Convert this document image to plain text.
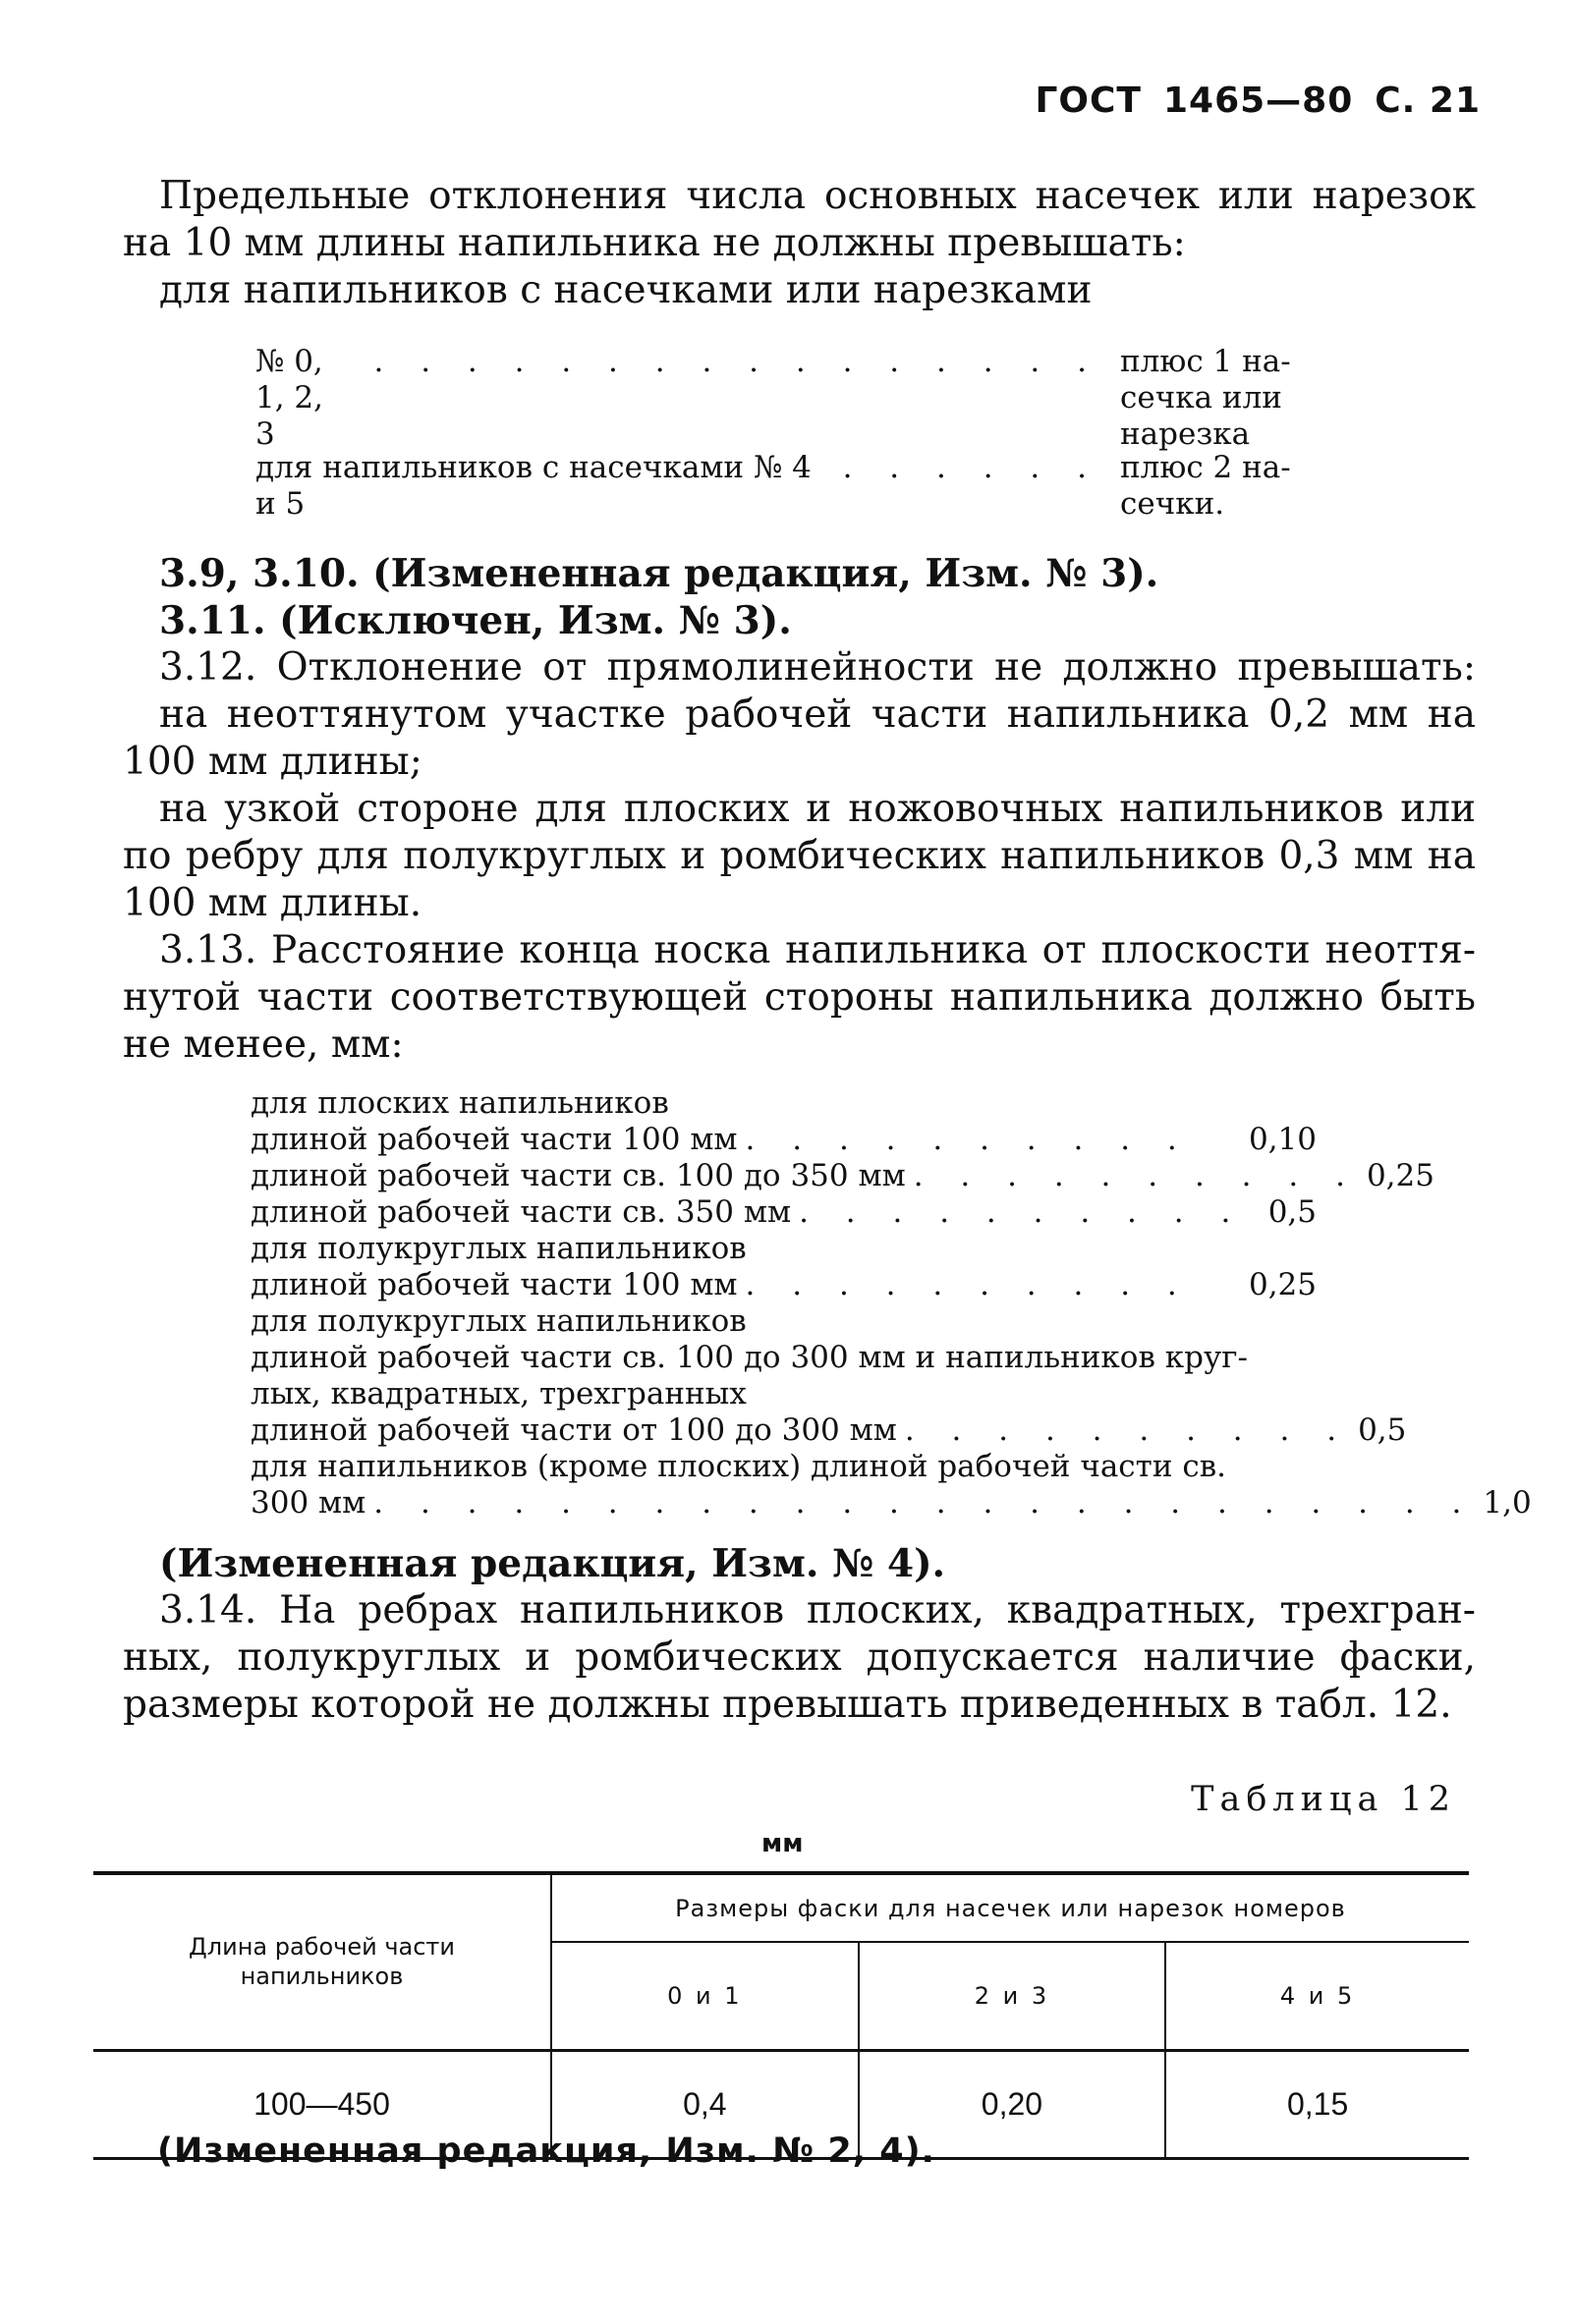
ГОСТ 1465—80 С. 21

Предельные отклонения числа основных насечек или нарезок

на 10 мм длины напильника не должны превышать:

для напильников с насечками или нарезками

№ 0, 1, 2, 3
. . . . . . . . . . . . . . . . плюс 1 на-
сечка или
нарезка
для напильников с насечками № 4 и 5
. . . . . . плюс 2 на-
сечки.

3.9, 3.10. (Измененная редакция, Изм. № 3).

3.11. (Исключен, Изм. № 3).

3.12. Отклонение от прямолинейности не должно превышать:

на неоттянутом участке рабочей части напильника 0,2 мм на

100 мм длины;

на узкой стороне для плоских и ножовочных напильников или

по ребру для полукруглых и ромбических напильников 0,3 мм на

100 мм длины.

3.13. Расстояние конца носка напильника от плоскости неоття-

нутой части соответствующей стороны напильника должно быть

не менее, мм:

для плоских напильников
длиной рабочей части 100 мм . . . . . . . . . .	0,10
длиной рабочей части св. 100 до 350 мм . . . . . . . . . . 0,25
длиной рабочей части св. 350 мм . . . . . . . . . . 0,5
для полукруглых напильников
длиной рабочей части 100 мм . . . . . . . . . .	0,25
для полукруглых напильников
длиной рабочей части св. 100 до 300 мм и напильников круг-
лых, квадратных, трехгранных
длиной рабочей части от 100 до 300 мм . . . . . . . . . . 0,5
для напильников (кроме плоских) длиной рабочей части св.
300 мм . . . . . . . . . . . . . . . . . . . . . . . . 1,0

(Измененная редакция, Изм. № 4).

3.14. На ребрах напильников плоских, квадратных, трехгран-

ных, полукруглых и ромбических допускается наличие фаски,

размеры которой не должны превышать приведенных в табл. 12.

Таблица 12
мм
Длина рабочей части напильников	Размеры фаски для насечек или нарезок номеров		
	0 и 1	2 и 3	4 и 5
100—450	0,4	0,20	0,15
(Измененная редакция, Изм. № 2, 4).
